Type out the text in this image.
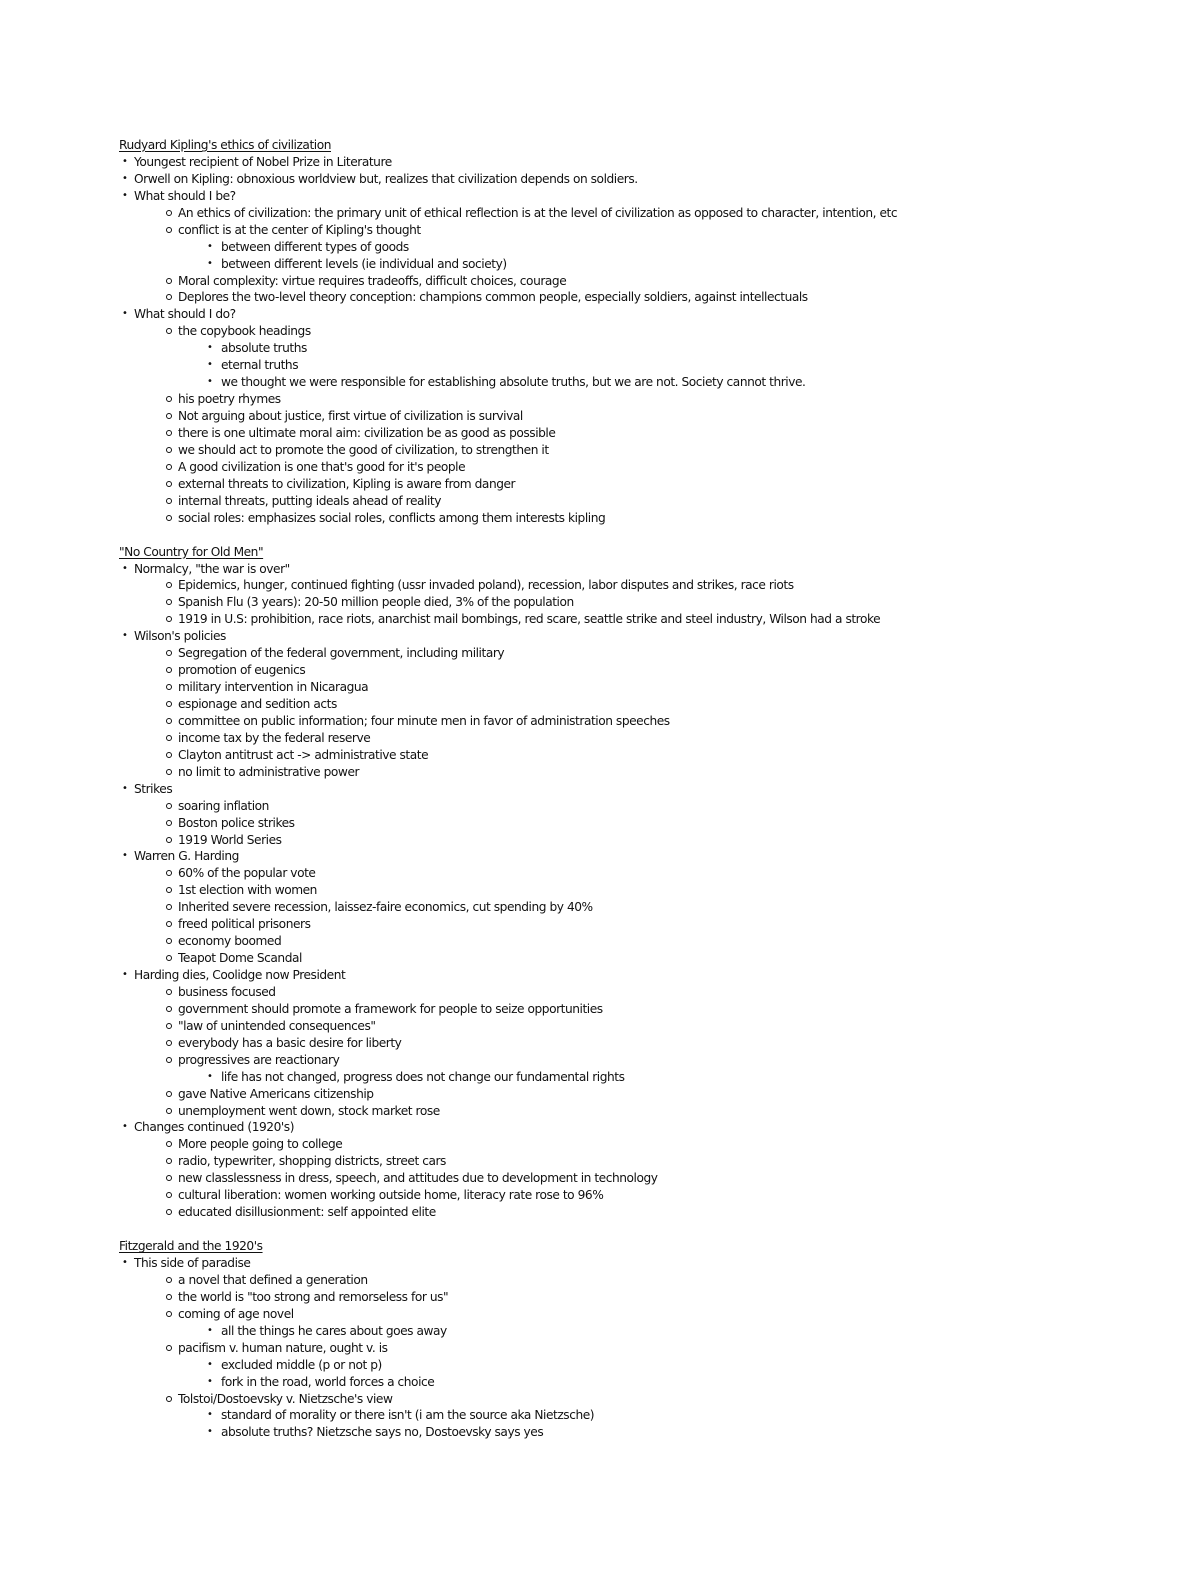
Rudyard Kipling's ethics of civilization
• Youngest recipient of Nobel Prize in Literature
• Orwell on Kipling: obnoxious worldview but, realizes that civilization depends on soldiers.
• What should I be?
An ethics of civilization: the primary unit of ethical reflection is at the level of civilization as opposed to character, intention, etc
conflict is at the center of Kipling's thought
• between different types of goods
• between different levels (ie individual and society)
Moral complexity: virtue requires tradeoffs, difficult choices, courage
Deplores the two-level theory conception: champions common people, especially soldiers, against intellectuals
• What should I do?
the copybook headings
• absolute truths
• eternal truths
• we thought we were responsible for establishing absolute truths, but we are not. Society cannot thrive.
his poetry rhymes
Not arguing about justice, first virtue of civilization is survival
there is one ultimate moral aim: civilization be as good as possible
we should act to promote the good of civilization, to strengthen it
A good civilization is one that's good for it's people
external threats to civilization, Kipling is aware from danger
internal threats, putting ideals ahead of reality
social roles: emphasizes social roles, conflicts among them interests kipling
"No Country for Old Men"
• Normalcy, "the war is over"
Epidemics, hunger, continued fighting (ussr invaded poland), recession, labor disputes and strikes, race riots
Spanish Flu (3 years): 20-50 million people died, 3% of the population
1919 in U.S: prohibition, race riots, anarchist mail bombings, red scare, seattle strike and steel industry, Wilson had a stroke
• Wilson's policies
Segregation of the federal government, including military
promotion of eugenics
military intervention in Nicaragua
espionage and sedition acts
committee on public information; four minute men in favor of administration speeches
income tax by the federal reserve
Clayton antitrust act -> administrative state
no limit to administrative power
• Strikes
soaring inflation
Boston police strikes
1919 World Series
• Warren G. Harding
60% of the popular vote
1st election with women
Inherited severe recession, laissez-faire economics, cut spending by 40%
freed political prisoners
economy boomed
Teapot Dome Scandal
• Harding dies, Coolidge now President
business focused
government should promote a framework for people to seize opportunities
"law of unintended consequences"
everybody has a basic desire for liberty
progressives are reactionary
• life has not changed, progress does not change our fundamental rights
gave Native Americans citizenship
unemployment went down, stock market rose
• Changes continued (1920's)
More people going to college
radio, typewriter, shopping districts, street cars
new classlessness in dress, speech, and attitudes due to development in technology
cultural liberation: women working outside home, literacy rate rose to 96%
educated disillusionment: self appointed elite
Fitzgerald and the 1920's
• This side of paradise
a novel that defined a generation
the world is "too strong and remorseless for us"
coming of age novel
• all the things he cares about goes away
pacifism v. human nature, ought v. is
• excluded middle (p or not p)
• fork in the road, world forces a choice
Tolstoi/Dostoevsky v. Nietzsche's view
• standard of morality or there isn't (i am the source aka Nietzsche)
• absolute truths? Nietzsche says no, Dostoevsky says yes
